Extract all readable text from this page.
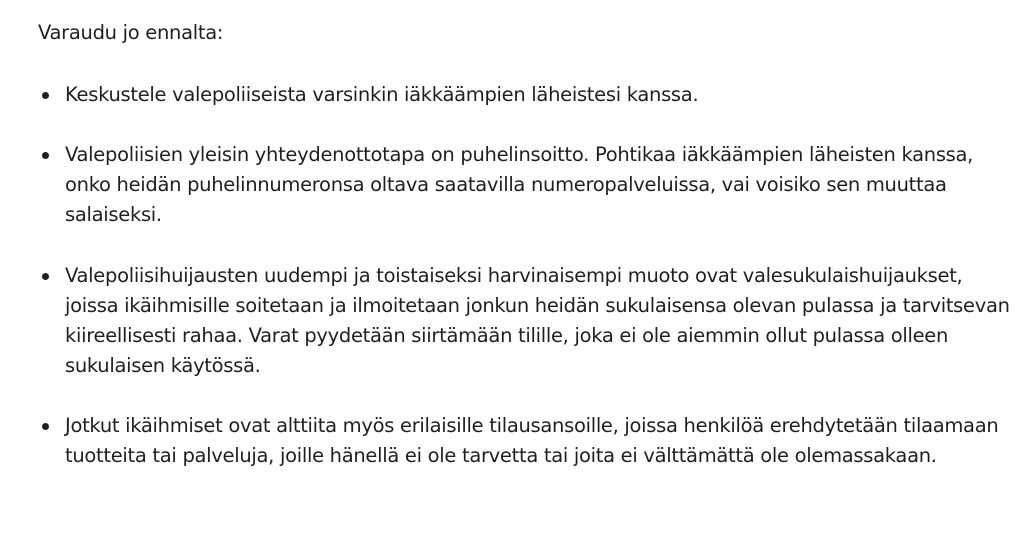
Varaudu jo ennalta:

Keskustele valepoliiseista varsinkin iäkkäämpien läheistesi kanssa.
Valepoliisien yleisin yhteydenottotapa on puhelinsoitto. Pohtikaa iäkkäämpien läheisten kanssa, onko heidän puhelinnumeronsa oltava saatavilla numeropalveluissa, vai voisiko sen muuttaa salaiseksi.
Valepoliisihuijausten uudempi ja toistaiseksi harvinaisempi muoto ovat valesukulaishuijaukset, joissa ikäihmisille soitetaan ja ilmoitetaan jonkun heidän sukulaisensa olevan pulassa ja tarvitsevan kiireellisesti rahaa. Varat pyydetään siirtämään tilille, joka ei ole aiemmin ollut pulassa olleen sukulaisen käytössä.
Jotkut ikäihmiset ovat alttiita myös erilaisille tilausansoille, joissa henkilöä erehdytetään tilaamaan tuotteita tai palveluja, joille hänellä ei ole tarvetta tai joita ei välttämättä ole olemassakaan.
